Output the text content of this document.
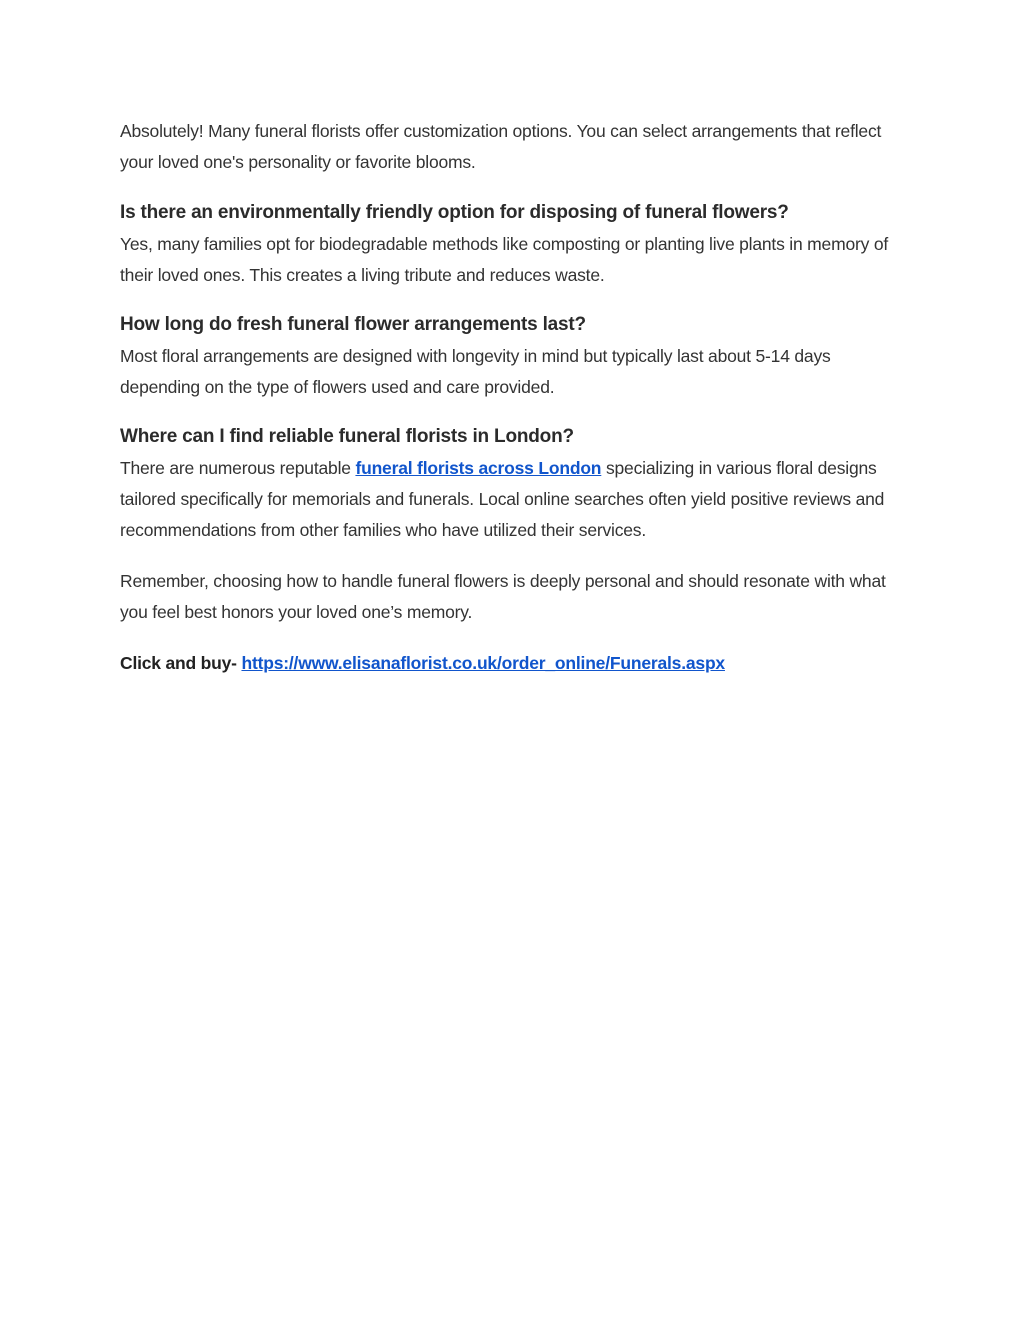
Absolutely! Many funeral florists offer customization options. You can select arrangements that reflect your loved one's personality or favorite blooms.

Is there an environmentally friendly option for disposing of funeral flowers?

Yes, many families opt for biodegradable methods like composting or planting live plants in memory of their loved ones. This creates a living tribute and reduces waste.

How long do fresh funeral flower arrangements last?

Most floral arrangements are designed with longevity in mind but typically last about 5-14 days depending on the type of flowers used and care provided.

Where can I find reliable funeral florists in London?

There are numerous reputable funeral florists across London specializing in various floral designs tailored specifically for memorials and funerals. Local online searches often yield positive reviews and recommendations from other families who have utilized their services.

Remember, choosing how to handle funeral flowers is deeply personal and should resonate with what you feel best honors your loved one’s memory.

Click and buy- https://www.elisanaflorist.co.uk/order_online/Funerals.aspx
